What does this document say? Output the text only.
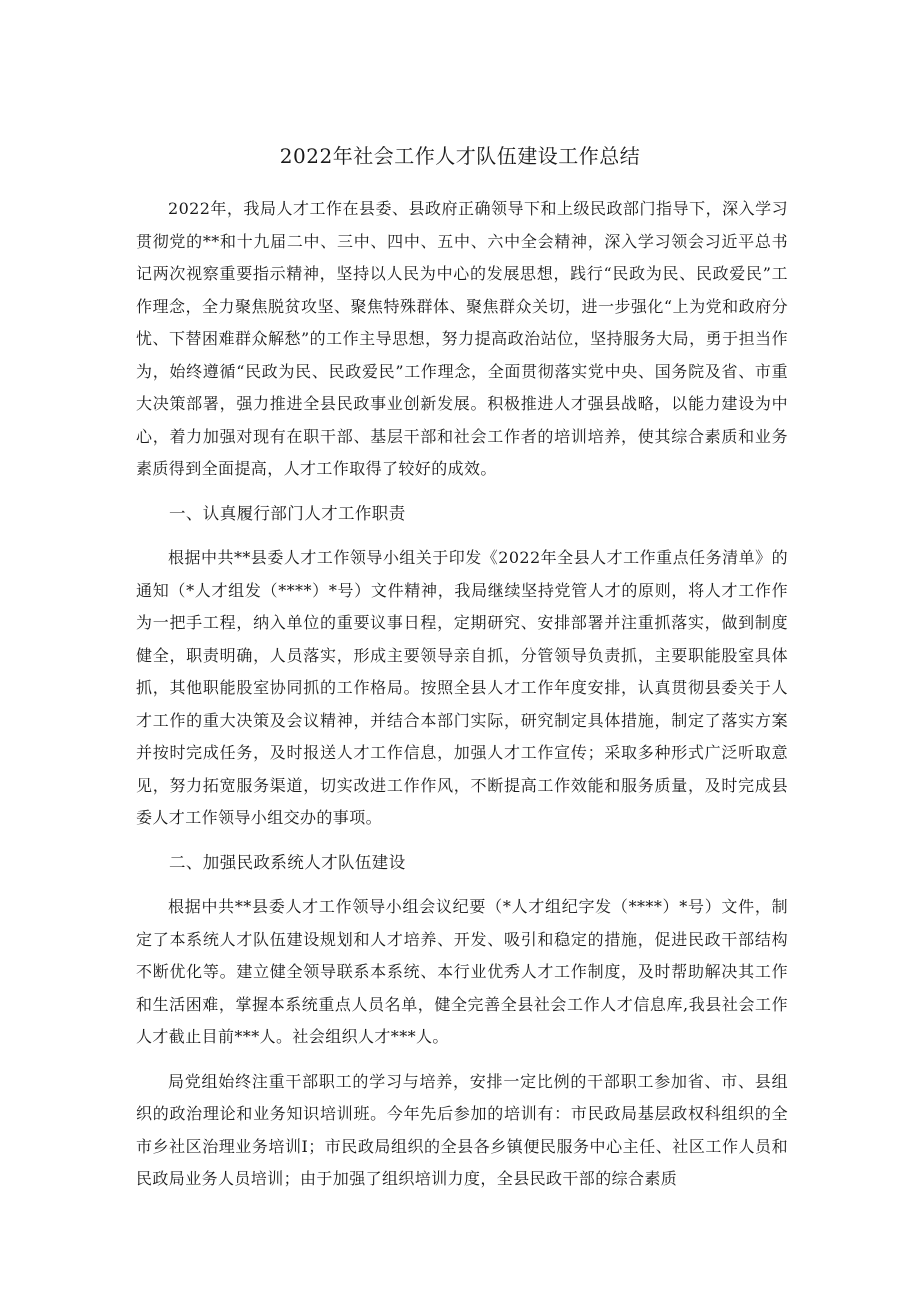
2022年社会工作人才队伍建设工作总结

2022年，我局人才工作在县委、县政府正确领导下和上级民政部门指导下，深入学习贯彻党的**和十九届二中、三中、四中、五中、六中全会精神，深入学习领会习近平总书记两次视察重要指示精神，坚持以人民为中心的发展思想，践行“民政为民、民政爱民”工作理念，全力聚焦脱贫攻坚、聚焦特殊群体、聚焦群众关切，进一步强化“上为党和政府分忧、下替困难群众解愁”的工作主导思想，努力提高政治站位，坚持服务大局，勇于担当作为，始终遵循“民政为民、民政爱民”工作理念，全面贯彻落实党中央、国务院及省、市重大决策部署，强力推进全县民政事业创新发展。积极推进人才强县战略，以能力建设为中心，着力加强对现有在职干部、基层干部和社会工作者的培训培养，使其综合素质和业务素质得到全面提高，人才工作取得了较好的成效。

一、认真履行部门人才工作职责

根据中共**县委人才工作领导小组关于印发《2022年全县人才工作重点任务清单》的通知（*人才组发（****）*号）文件精神，我局继续坚持党管人才的原则，将人才工作作为一把手工程，纳入单位的重要议事日程，定期研究、安排部署并注重抓落实，做到制度健全，职责明确，人员落实，形成主要领导亲自抓，分管领导负责抓，主要职能股室具体抓，其他职能股室协同抓的工作格局。按照全县人才工作年度安排，认真贯彻县委关于人才工作的重大决策及会议精神，并结合本部门实际，研究制定具体措施，制定了落实方案并按时完成任务，及时报送人才工作信息，加强人才工作宣传；采取多种形式广泛听取意见，努力拓宽服务渠道，切实改进工作作风，不断提高工作效能和服务质量，及时完成县委人才工作领导小组交办的事项。

二、加强民政系统人才队伍建设

根据中共**县委人才工作领导小组会议纪要（*人才组纪字发（****）*号）文件，制定了本系统人才队伍建设规划和人才培养、开发、吸引和稳定的措施，促进民政干部结构不断优化等。建立健全领导联系本系统、本行业优秀人才工作制度，及时帮助解决其工作和生活困难，掌握本系统重点人员名单，健全完善全县社会工作人才信息库,我县社会工作人才截止目前***人。社会组织人才***人。

局党组始终注重干部职工的学习与培养，安排一定比例的干部职工参加省、市、县组织的政治理论和业务知识培训班。今年先后参加的培训有：市民政局基层政权科组织的全市乡社区治理业务培训I；市民政局组织的全县各乡镇便民服务中心主任、社区工作人员和民政局业务人员培训；由于加强了组织培训力度，全县民政干部的综合素质
